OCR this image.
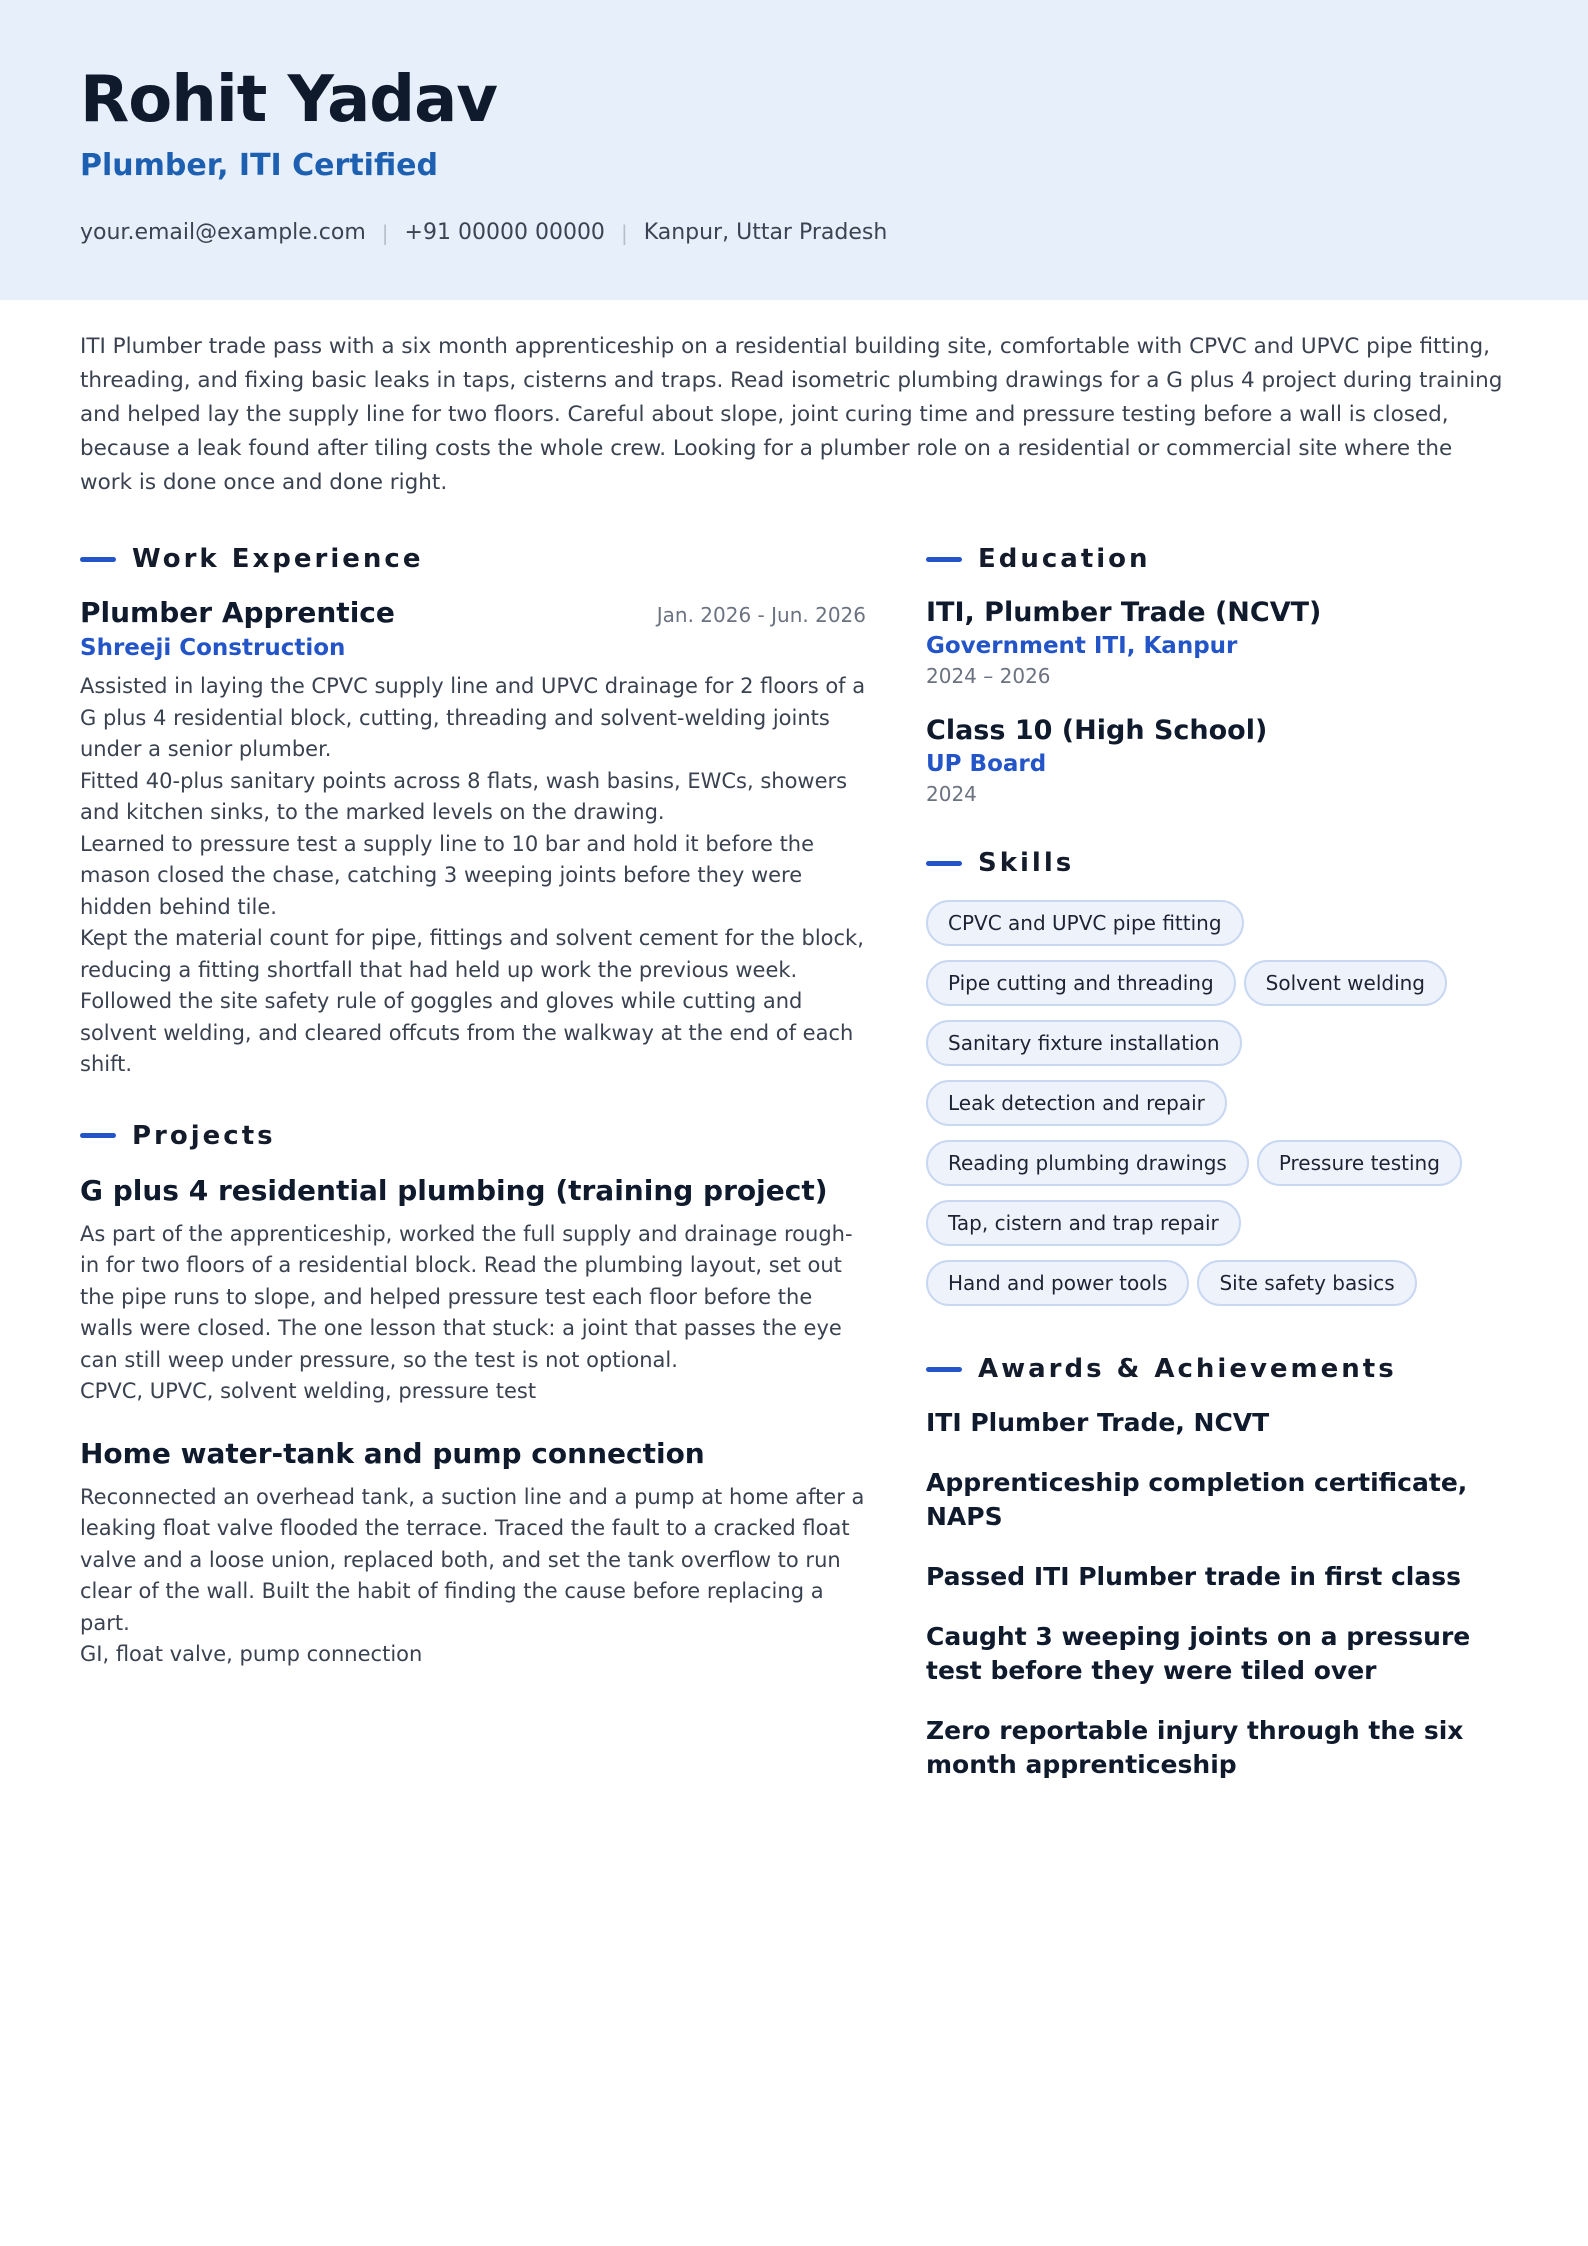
Rohit Yadav
Plumber, ITI Certified
your.email@example.com | +91 00000 00000 | Kanpur, Uttar Pradesh
ITI Plumber trade pass with a six month apprenticeship on a residential building site, comfortable with CPVC and UPVC pipe fitting, threading, and fixing basic leaks in taps, cisterns and traps. Read isometric plumbing drawings for a G plus 4 project during training and helped lay the supply line for two floors. Careful about slope, joint curing time and pressure testing before a wall is closed, because a leak found after tiling costs the whole crew. Looking for a plumber role on a residential or commercial site where the work is done once and done right.
Work Experience
Plumber Apprentice	Jan. 2026 - Jun. 2026
Shreeji Construction

Assisted in laying the CPVC supply line and UPVC drainage for 2 floors of a G plus 4 residential block, cutting, threading and solvent-welding joints under a senior plumber.

Fitted 40-plus sanitary points across 8 flats, wash basins, EWCs, showers and kitchen sinks, to the marked levels on the drawing.

Learned to pressure test a supply line to 10 bar and hold it before the mason closed the chase, catching 3 weeping joints before they were hidden behind tile.

Kept the material count for pipe, fittings and solvent cement for the block, reducing a fitting shortfall that had held up work the previous week.

Followed the site safety rule of goggles and gloves while cutting and solvent welding, and cleared offcuts from the walkway at the end of each shift.

Projects
G plus 4 residential plumbing (training project)

As part of the apprenticeship, worked the full supply and drainage rough-in for two floors of a residential block. Read the plumbing layout, set out the pipe runs to slope, and helped pressure test each floor before the walls were closed. The one lesson that stuck: a joint that passes the eye can still weep under pressure, so the test is not optional.

CPVC, UPVC, solvent welding, pressure test

Home water-tank and pump connection

Reconnected an overhead tank, a suction line and a pump at home after a leaking float valve flooded the terrace. Traced the fault to a cracked float valve and a loose union, replaced both, and set the tank overflow to run clear of the wall. Built the habit of finding the cause before replacing a part.

GI, float valve, pump connection

Education
ITI, Plumber Trade (NCVT)
Government ITI, Kanpur
2024 – 2026
Class 10 (High School)
UP Board
2024
Skills
CPVC and UPVC pipe fitting
Pipe cutting and threading	Solvent welding
Sanitary fixture installation
Leak detection and repair
Reading plumbing drawings	Pressure testing
Tap, cistern and trap repair
Hand and power tools	Site safety basics
Awards & Achievements
ITI Plumber Trade, NCVT
Apprenticeship completion certificate, NAPS
Passed ITI Plumber trade in first class
Caught 3 weeping joints on a pressure test before they were tiled over
Zero reportable injury through the six month apprenticeship
